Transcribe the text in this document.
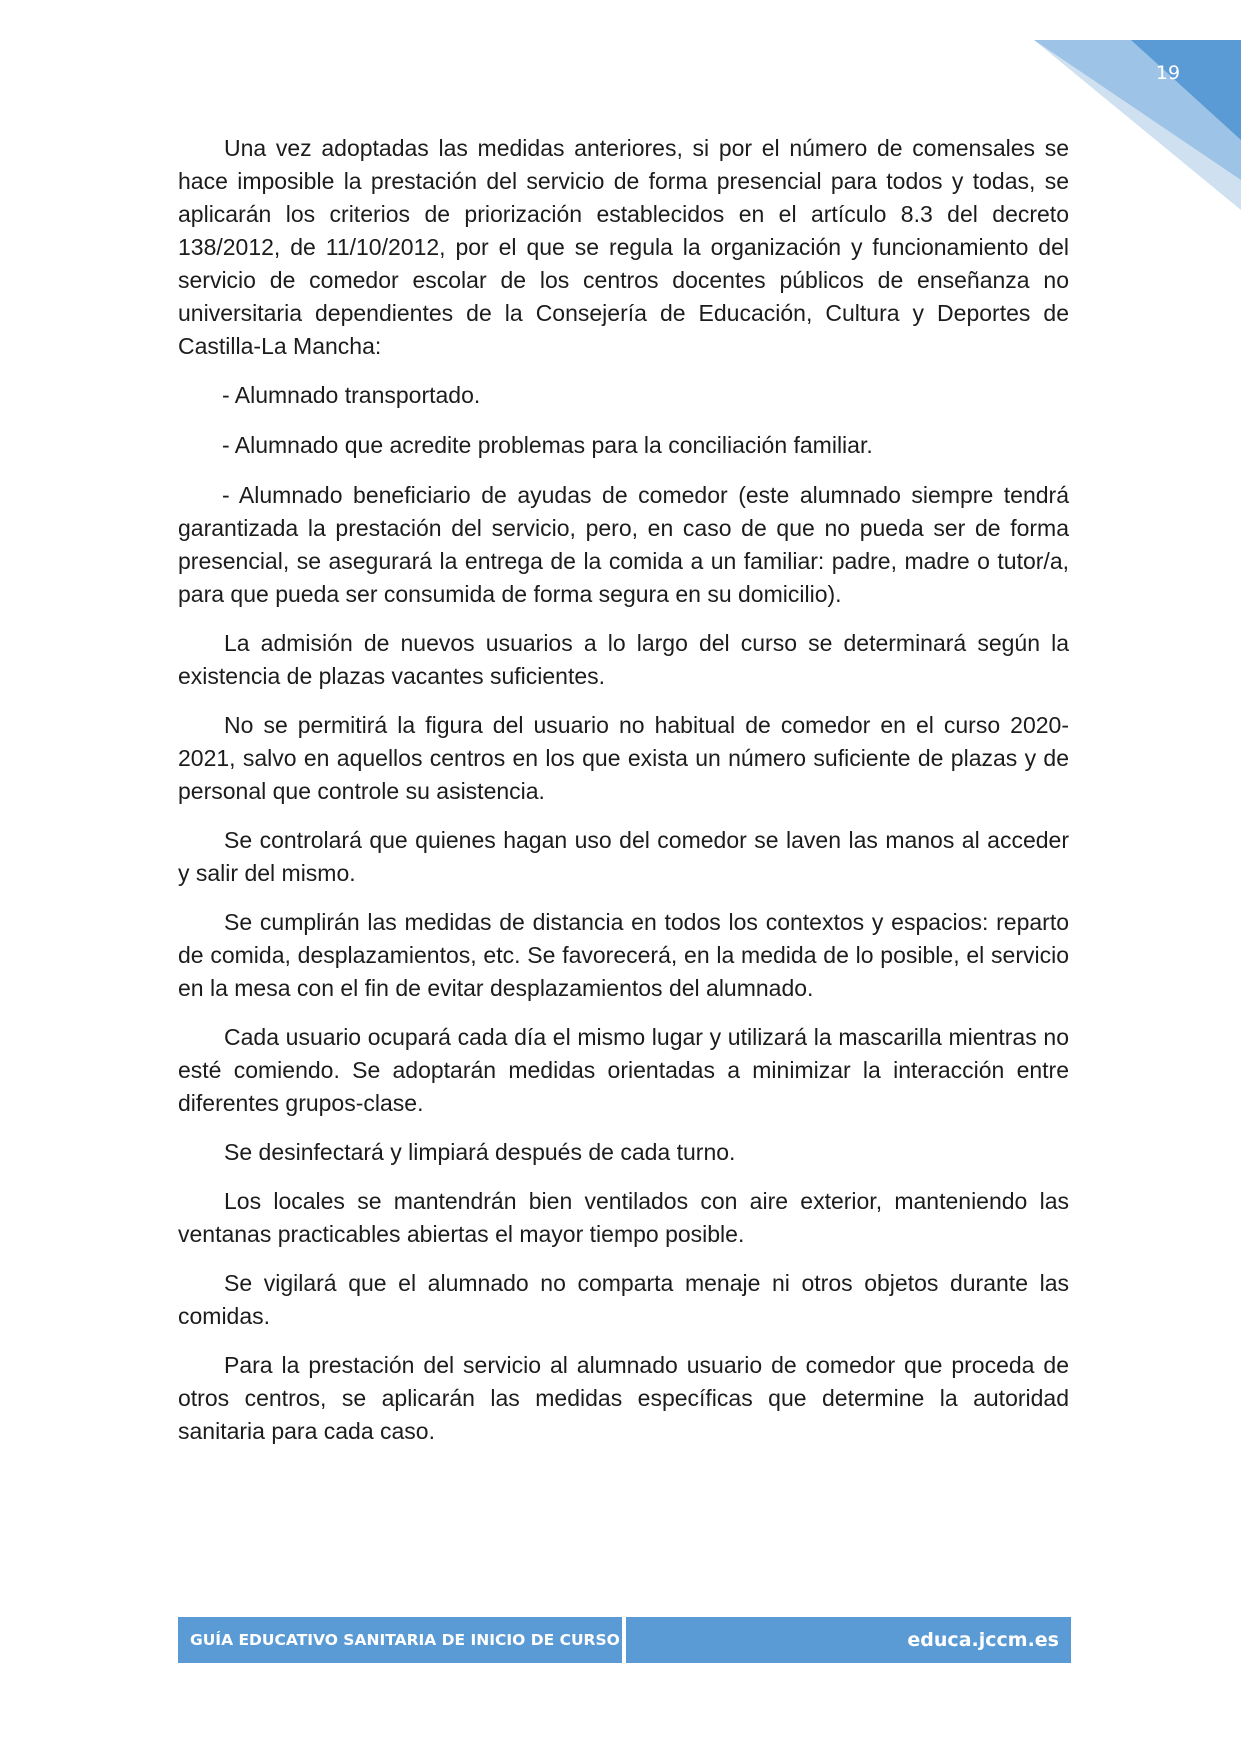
19

Una vez adoptadas las medidas anteriores, si por el número de comensales se hace imposible la prestación del servicio de forma presencial para todos y todas, se aplicarán los criterios de priorización establecidos en el artículo 8.3 del decreto 138/2012, de 11/10/2012, por el que se regula la organización y funcionamiento del servicio de comedor escolar de los centros docentes públicos de enseñanza no universitaria dependientes de la Consejería de Educación, Cultura y Deportes de Castilla-La Mancha:

- Alumnado transportado.

- Alumnado que acredite problemas para la conciliación familiar.

- Alumnado beneficiario de ayudas de comedor (este alumnado siempre tendrá garantizada la prestación del servicio, pero, en caso de que no pueda ser de forma presencial, se asegurará la entrega de la comida a un familiar: padre, madre o tutor/a, para que pueda ser consumida de forma segura en su domicilio).

La admisión de nuevos usuarios a lo largo del curso se determinará según la existencia de plazas vacantes suficientes.

No se permitirá la figura del usuario no habitual de comedor en el curso 2020-2021, salvo en aquellos centros en los que exista un número suficiente de plazas y de personal que controle su asistencia.

Se controlará que quienes hagan uso del comedor se laven las manos al acceder y salir del mismo.

Se cumplirán las medidas de distancia en todos los contextos y espacios: reparto de comida, desplazamientos, etc. Se favorecerá, en la medida de lo posible, el servicio en la mesa con el fin de evitar desplazamientos del alumnado.

Cada usuario ocupará cada día el mismo lugar y utilizará la mascarilla mientras no esté comiendo. Se adoptarán medidas orientadas a minimizar la interacción entre diferentes grupos-clase.

Se desinfectará y limpiará después de cada turno.

Los locales se mantendrán bien ventilados con aire exterior, manteniendo las ventanas practicables abiertas el mayor tiempo posible.

Se vigilará que el alumnado no comparta menaje ni otros objetos durante las comidas.

Para la prestación del servicio al alumnado usuario de comedor que proceda de otros centros, se aplicarán las medidas específicas que determine la autoridad sanitaria para cada caso.

GUÍA EDUCATIVO SANITARIA DE INICIO DE CURSO	educa.jccm.es
